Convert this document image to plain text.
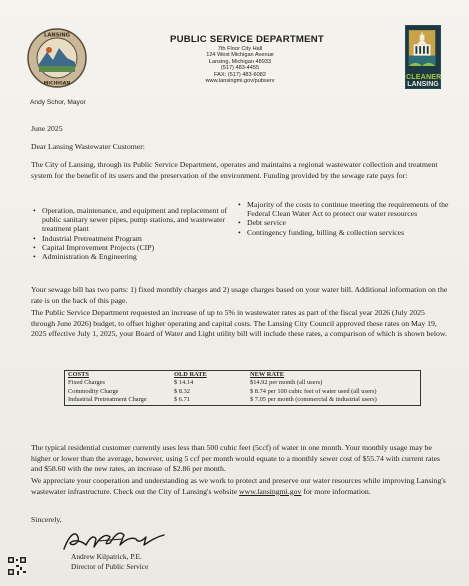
LANSING
MICHIGAN
Andy Schor, Mayor
PUBLIC SERVICE DEPARTMENT
7th Floor City Hall
124 West Michigan Avenue
Lansing, Michigan 48933
(517) 483-4455
FAX: (517) 483-6082
www.lansingmi.gov/pubserv
CLEANER
LANSING
June 2025
Dear Lansing Wastewater Customer:
The City of Lansing, through its Public Service Department, operates and maintains a regional wastewater collection and treatment system for the benefit of its users and the preservation of the environment. Funding provided by the sewage rate pays for:
• Operation, maintenance, and equipment and replacement of public sanitary sewer pipes, pump stations, and wastewater treatment plant
• Industrial Pretreatment Program
• Capital Improvement Projects (CIP)
• Administration & Engineering
• Majority of the costs to continue meeting the requirements of the Federal Clean Water Act to protect our water resources
• Debt service
• Contingency funding, billing & collection services
Your sewage bill has two parts: 1) fixed monthly charges and 2) usage charges based on your water bill. Additional information on the rate is on the back of this page.
The Public Service Department requested an increase of up to 5% in wastewater rates as part of the fiscal year 2026 (July 2025 through June 2026) budget, to offset higher operating and capital costs. The Lansing City Council approved these rates on May 19, 2025 effective July 1, 2025, your Board of Water and Light utility bill will include these rates, a comparison of which is shown below.
COSTS	OLD RATE	NEW RATE
Fixed Charges	$ 14.14	$14.92 per month (all users)
Commodity Charge	$ 8.32	$ 8.74 per 100 cubic feet of water used (all users)
Industrial Pretreatment Charge	$ 6.71	$ 7.05 per month (commercial & industrial users)
The typical residential customer currently uses less than 500 cubic feet (5ccf) of water in one month. Your monthly usage may be higher or lower than the average, however, using 5 ccf per month would equate to a monthly sewer cost of $55.74 with current rates and $58.60 with the new rates, an increase of $2.86 per month.
We appreciate your cooperation and understanding as we work to protect and preserve our water resources while improving Lansing's wastewater infrastructure. Check out the City of Lansing's website www.lansingmi.gov for more information.
Sincerely,
Andrew Kilpatrick, P.E.
Director of Public Service
